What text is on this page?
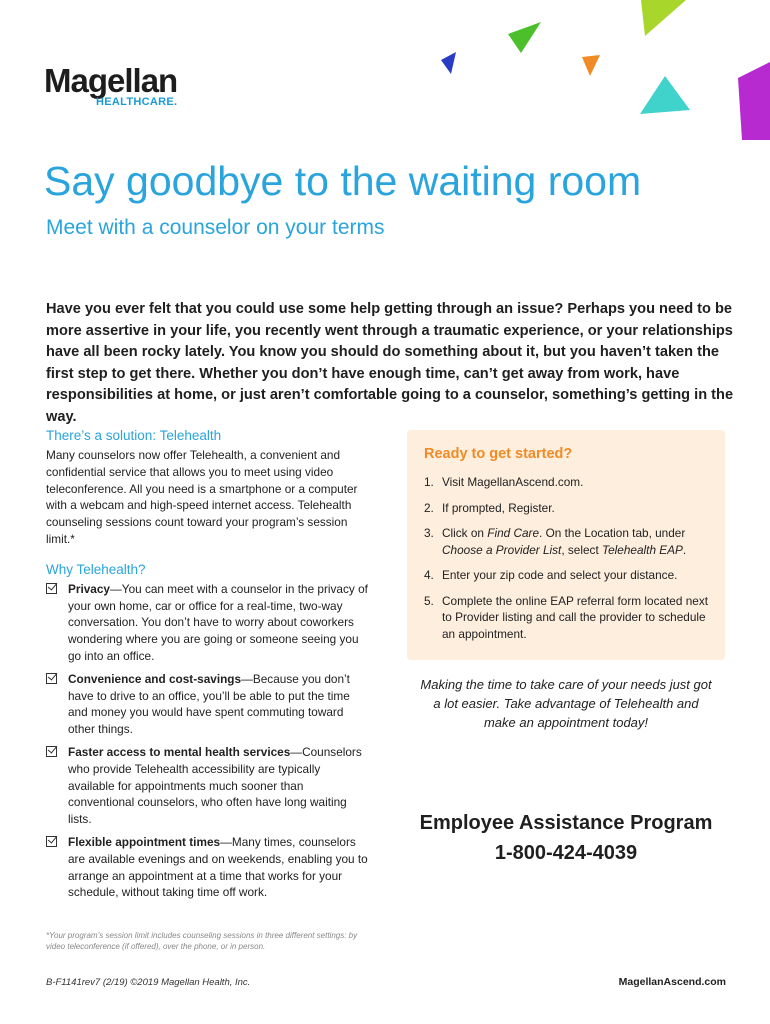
Magellan
HEALTHCARE.
Say goodbye to the waiting room
Meet with a counselor on your terms

Have you ever felt that you could use some help getting through an issue? Perhaps you need to be more assertive in your life, you recently went through a traumatic experience, or your relationships have all been rocky lately. You know you should do something about it, but you haven’t taken the first step to get there. Whether you don’t have enough time, can’t get away from work, have responsibilities at home, or just aren’t comfortable going to a counselor, something’s getting in the way.

There’s a solution: Telehealth

Many counselors now offer Telehealth, a convenient and confidential service that allows you to meet using video teleconference. All you need is a smartphone or a computer with a webcam and high-speed internet access. Telehealth counseling sessions count toward your program’s session limit.*

Why Telehealth?
Privacy—You can meet with a counselor in the privacy of your own home, car or office for a real-time, two-way conversation. You don’t have to worry about coworkers wondering where you are going or someone seeing you go into an office.
Convenience and cost-savings—Because you don’t have to drive to an office, you’ll be able to put the time and money you would have spent commuting toward other things.
Faster access to mental health services—Counselors who provide Telehealth accessibility are typically available for appointments much sooner than conventional counselors, who often have long waiting lists.
Flexible appointment times—Many times, counselors are available evenings and on weekends, enabling you to arrange an appointment at a time that works for your schedule, without taking time off work.
Ready to get started?
1. Visit MagellanAscend.com.
2. If prompted, Register.
3. Click on Find Care. On the Location tab, under Choose a Provider List, select Telehealth EAP.
4. Enter your zip code and select your distance.
5. Complete the online EAP referral form located next to Provider listing and call the provider to schedule an appointment.
Making the time to take care of your needs just got a lot easier. Take advantage of Telehealth and make an appointment today!
Employee Assistance Program
1-800-424-4039
*Your program’s session limit includes counseling sessions in three different settings: by video teleconference (if offered), over the phone, or in person.
B-F1141rev7 (2/19) ©2019 Magellan Health, Inc.	MagellanAscend.com
